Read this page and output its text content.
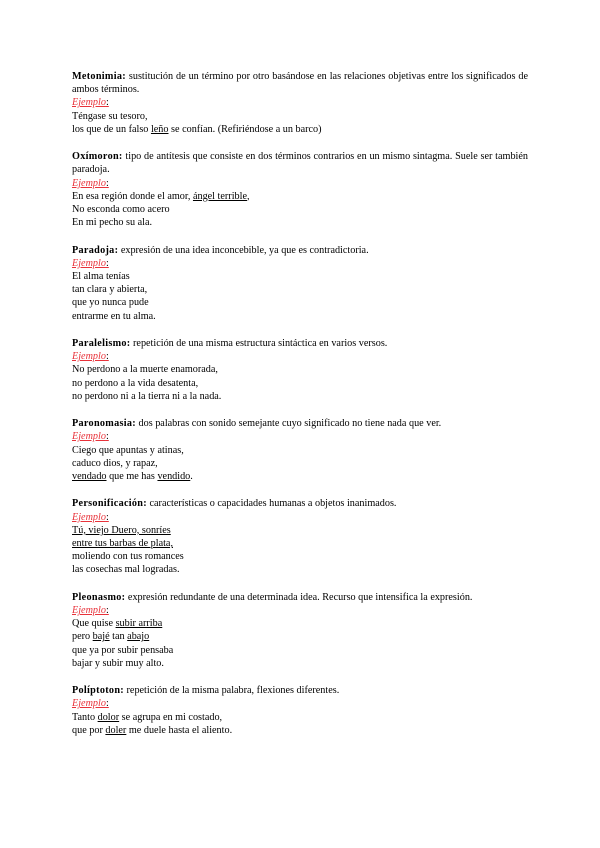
Metonimia: sustitución de un término por otro basándose en las relaciones objetivas entre los significados de ambos términos.

Ejemplo:
Téngase su tesoro,
los que de un falso leño se confían. (Refiriéndose a un barco)

Oxímoron: tipo de antítesis que consiste en dos términos contrarios en un mismo sintagma. Suele ser también paradoja.

Ejemplo:
En esa región donde el amor, ángel terrible,
No esconda como acero
En mi pecho su ala.

Paradoja: expresión de una idea inconcebible, ya que es contradictoria.

Ejemplo:
El alma tenías
tan clara y abierta,
que yo nunca pude
entrarme en tu alma.

Paralelismo: repetición de una misma estructura sintáctica en varios versos.

Ejemplo:
No perdono a la muerte enamorada,
no perdono a la vida desatenta,
no perdono ni a la tierra ni a la nada.

Paronomasia: dos palabras con sonido semejante cuyo significado no tiene nada que ver.

Ejemplo:
Ciego que apuntas y atinas,
caduco dios, y rapaz,
vendado que me has vendido.

Personificación: características o capacidades humanas a objetos inanimados.

Ejemplo:
Tú, viejo Duero, sonríes
entre tus barbas de plata,
moliendo con tus romances
las cosechas mal logradas.

Pleonasmo: expresión redundante de una determinada idea. Recurso que intensifica la expresión.

Ejemplo:
Que quise subir arriba
pero bajé tan abajo
que ya por subir pensaba
bajar y subir muy alto.

Políptoton: repetición de la misma palabra, flexiones diferentes.

Ejemplo:
Tanto dolor se agrupa en mi costado,
que por doler me duele hasta el aliento.
